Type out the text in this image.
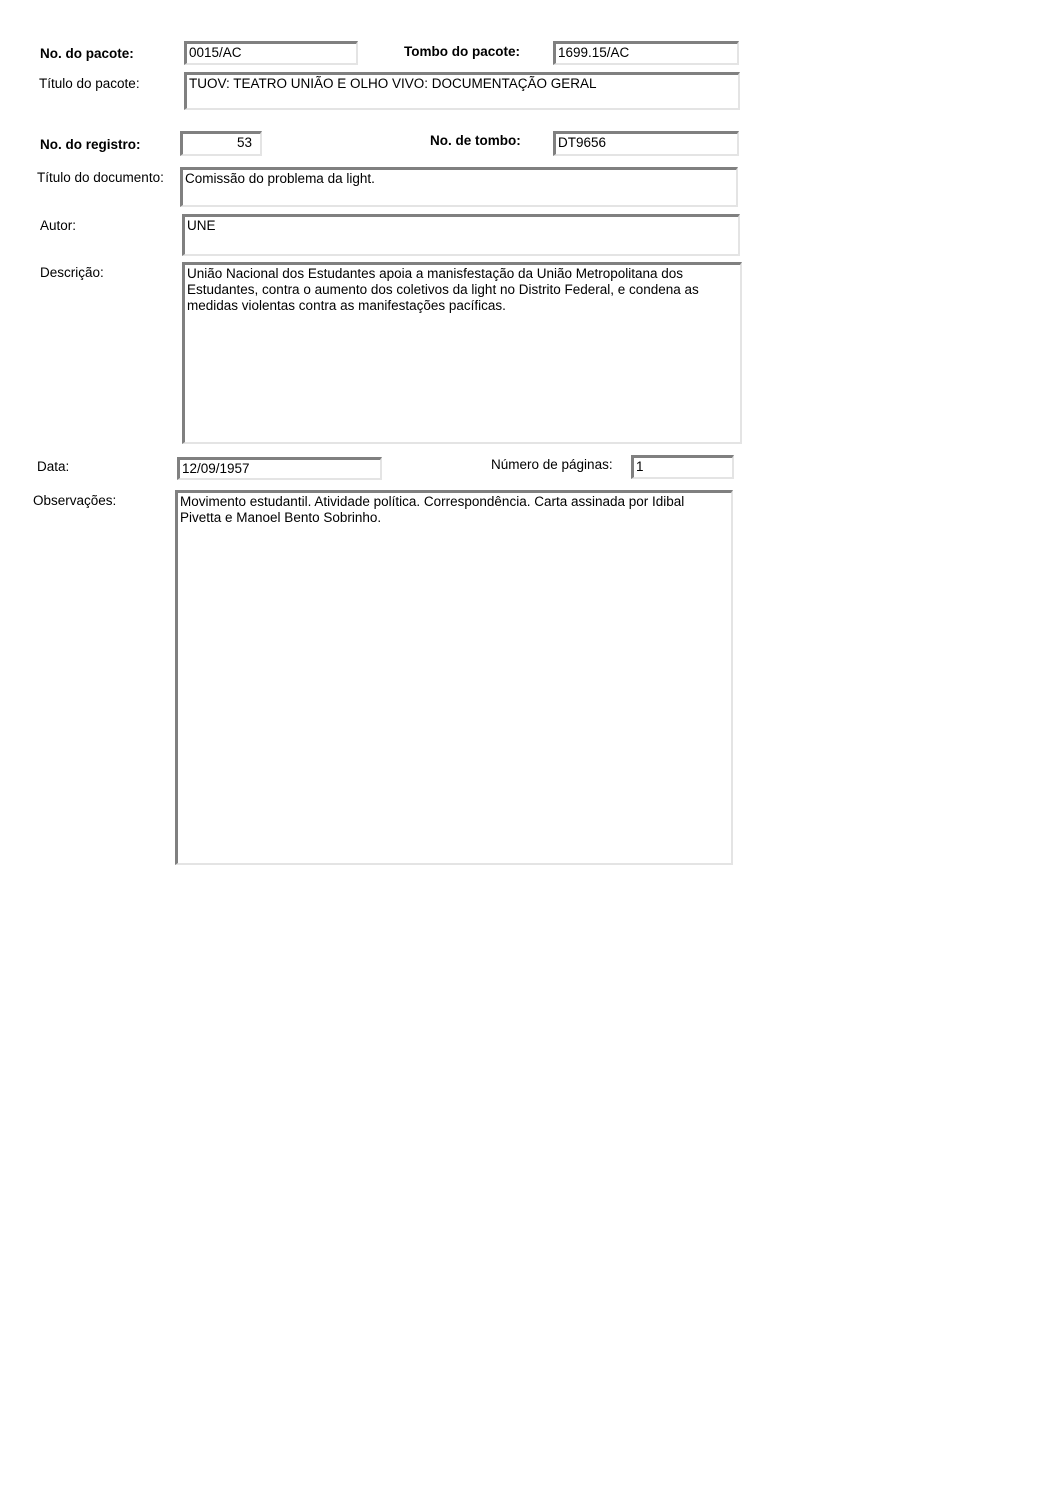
No. do pacote:	0015/AC	Tombo do pacote:	1699.15/AC
Título do pacote:	TUOV: TEATRO UNIÃO E OLHO VIVO: DOCUMENTAÇÃO GERAL
No. do registro:	53	No. de tombo:	DT9656
Título do documento:	Comissão do problema da light.
Autor:	UNE
Descrição:	União Nacional dos Estudantes apoia a manisfestação da União Metropolitana dos Estudantes, contra o aumento dos coletivos da light no Distrito Federal, e condena as medidas violentas contra as manifestações pacíficas.
Data:	12/09/1957	Número de páginas:	1
Observações:	Movimento estudantil. Atividade política. Correspondência. Carta assinada por Idibal Pivetta e Manoel Bento Sobrinho.
